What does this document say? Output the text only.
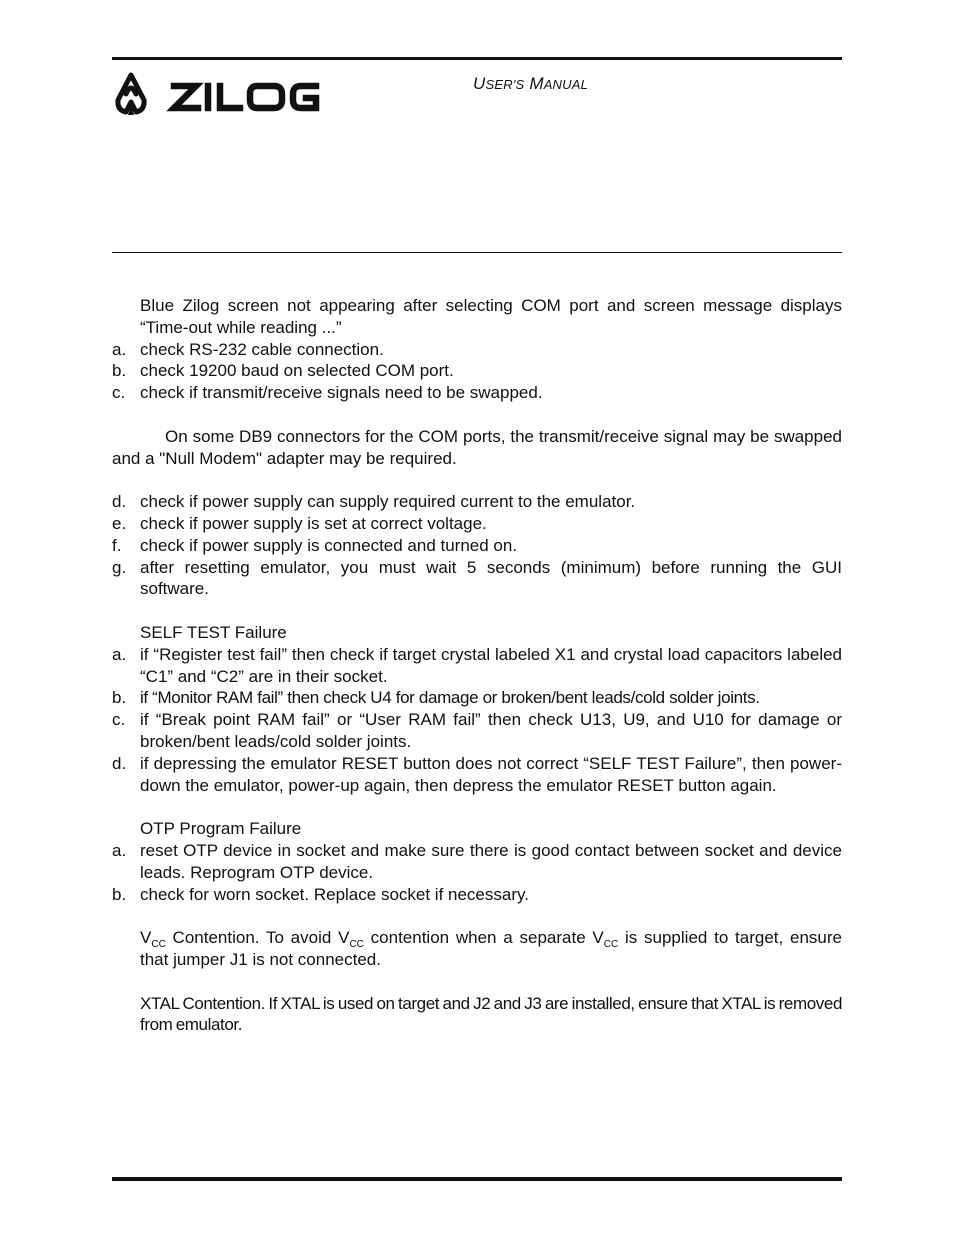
USER'S MANUAL
Blue Zilog screen not appearing after selecting COM port and screen message displays “Time-out while reading ...”
a. check RS-232 cable connection.
b. check 19200 baud on selected COM port.
c. check if transmit/receive signals need to be swapped.
On some DB9 connectors for the COM ports, the transmit/receive signal may be swapped and a "Null Modem" adapter may be required.
d. check if power supply can supply required current to the emulator.
e. check if power supply is set at correct voltage.
f.	check if power supply is connected and turned on.
g. after resetting emulator, you must wait 5 seconds (minimum) before running the GUI software.
SELF TEST Failure
a. if “Register test fail” then check if target crystal labeled X1 and crystal load capacitors labeled “C1” and “C2” are in their socket.
b. if “Monitor RAM fail” then check U4 for damage or broken/bent leads/cold solder joints.
c. if “Break point RAM fail” or “User RAM fail” then check U13, U9, and U10 for damage or broken/bent leads/cold solder joints.
d. if depressing the emulator RESET button does not correct “SELF TEST Failure”, then power-down the emulator, power-up again, then depress the emulator RESET button again.
OTP Program Failure
a. reset OTP device in socket and make sure there is good contact between socket and device leads. Reprogram OTP device.
b. check for worn socket. Replace socket if necessary.
$V_{CC}$ Contention. To avoid $V_{CC}$ contention when a separate $V_{CC}$ is supplied to target, ensure that jumper J1 is not connected.
XTAL Contention. If XTAL is used on target and J2 and J3 are installed, ensure that XTAL is removed from emulator.
